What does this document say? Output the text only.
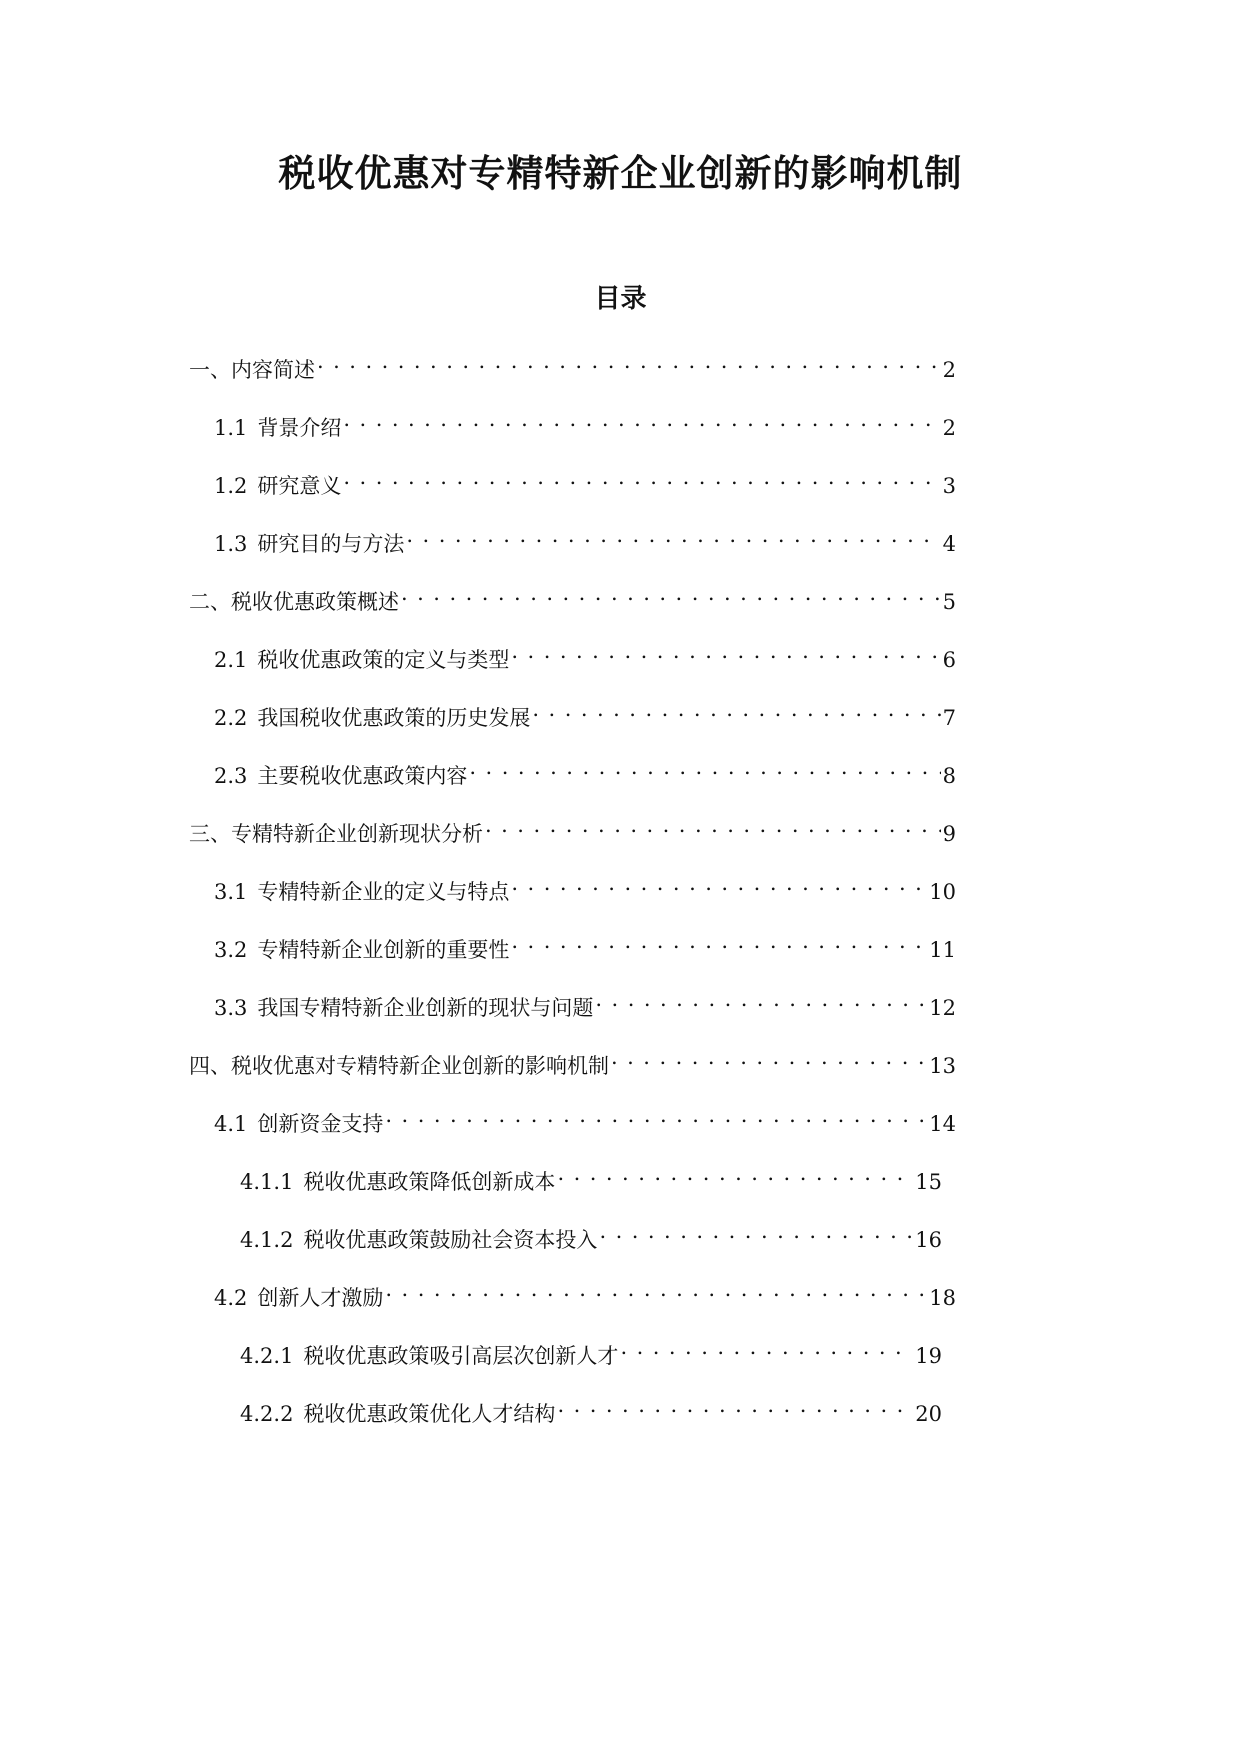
税收优惠对专精特新企业创新的影响机制
目录
一、内容简述 . . .	2
1.1 背景介绍 . . .	2
1.2 研究意义 . . .	3
1.3 研究目的与方法 . . .	4
二、税收优惠政策概述 . . .	5
2.1 税收优惠政策的定义与类型 . . .	6
2.2 我国税收优惠政策的历史发展 . . .	7
2.3 主要税收优惠政策内容 . . .	8
三、专精特新企业创新现状分析 . . .	9
3.1 专精特新企业的定义与特点 . . .	10
3.2 专精特新企业创新的重要性 . . .	11
3.3 我国专精特新企业创新的现状与问题 . . .	12
四、税收优惠对专精特新企业创新的影响机制 . . .	13
4.1 创新资金支持 . . .	14
4.1.1 税收优惠政策降低创新成本 . . .	15
4.1.2 税收优惠政策鼓励社会资本投入 . . .	16
4.2 创新人才激励 . . .	18
4.2.1 税收优惠政策吸引高层次创新人才 . . .	19
4.2.2 税收优惠政策优化人才结构 . . .	20
